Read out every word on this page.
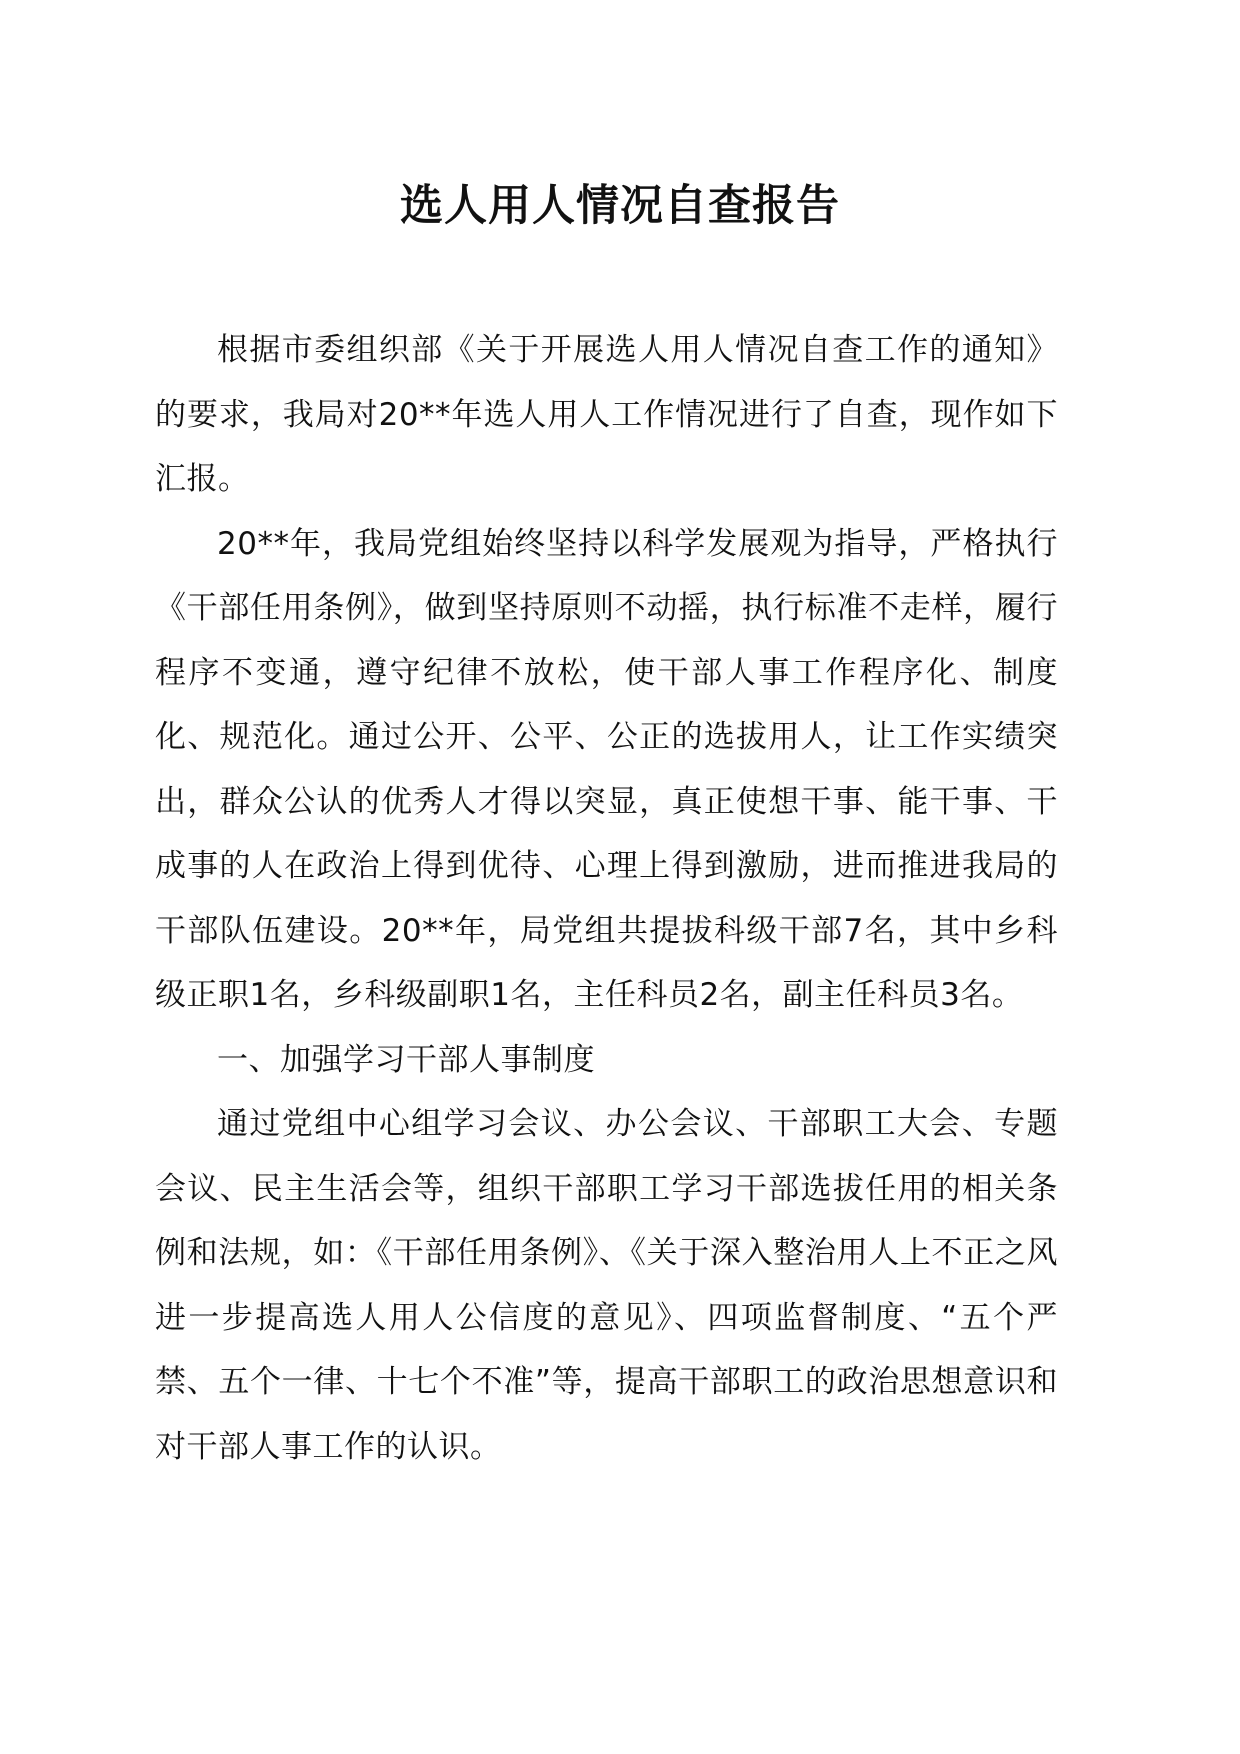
选人用人情况自查报告

根据市委组织部《关于开展选人用人情况自查工作的通知》的要求，我局对20**年选人用人工作情况进行了自查，现作如下汇报。

20**年，我局党组始终坚持以科学发展观为指导，严格执行《干部任用条例》，做到坚持原则不动摇，执行标准不走样，履行程序不变通，遵守纪律不放松，使干部人事工作程序化、制度化、规范化。通过公开、公平、公正的选拔用人，让工作实绩突出，群众公认的优秀人才得以突显，真正使想干事、能干事、干成事的人在政治上得到优待、心理上得到激励，进而推进我局的干部队伍建设。20**年，局党组共提拔科级干部7名，其中乡科级正职1名，乡科级副职1名，主任科员2名，副主任科员3名。

一、加强学习干部人事制度

通过党组中心组学习会议、办公会议、干部职工大会、专题会议、民主生活会等，组织干部职工学习干部选拔任用的相关条例和法规，如：《干部任用条例》、《关于深入整治用人上不正之风进一步提高选人用人公信度的意见》、四项监督制度、“五个严禁、五个一律、十七个不准”等，提高干部职工的政治思想意识和对干部人事工作的认识。
